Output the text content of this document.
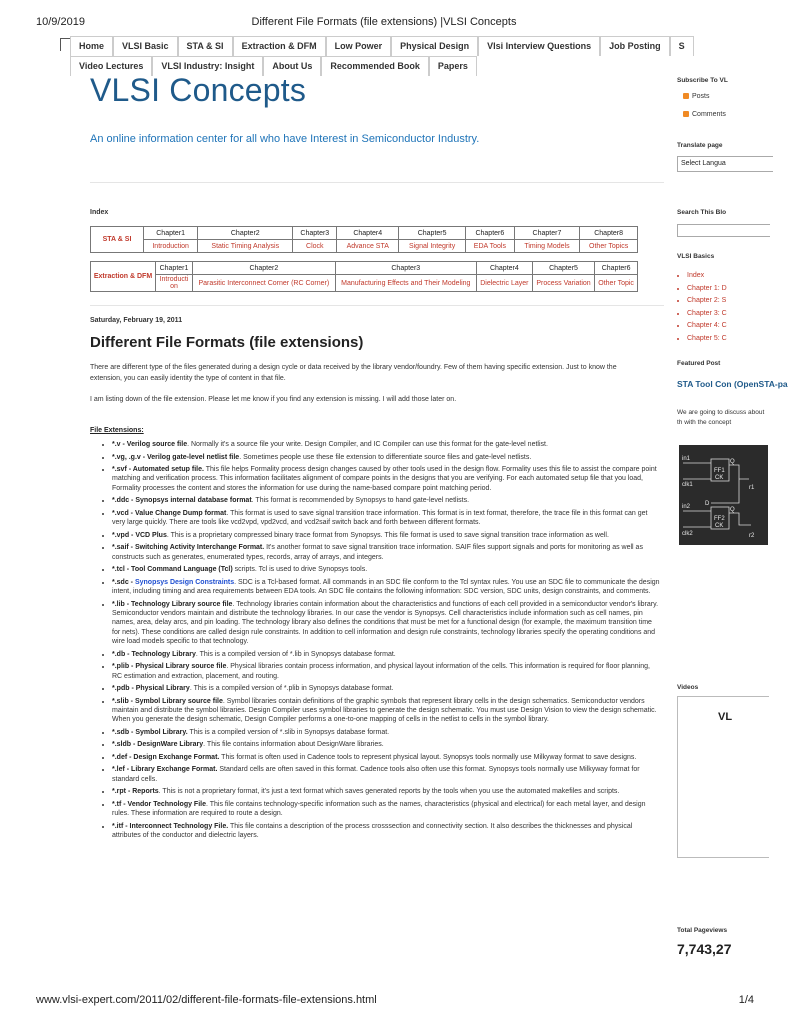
10/9/2019	Different File Formats (file extensions) |VLSI Concepts
Home	VLSI Basic	STA & SI	Extraction & DFM	Low Power	Physical Design	Vlsi Interview Questions	Job Posting	S
Video Lectures	VLSI Industry: Insight	About Us	Recommended Book	Papers
VLSI Concepts
An online information center for all who have Interest in Semiconductor Industry.
Index
STA & SI	Chapter1	Chapter2	Chapter3	Chapter4	Chapter5	Chapter6	Chapter7	Chapter8
	Introduction	Static Timing Analysis	Clock	Advance STA	Signal Integrity	EDA Tools	Timing Models	Other Topics
Extraction & DFM	Chapter1	Chapter2	Chapter3	Chapter4	Chapter5	Chapter6
	Introduction	Parasitic Interconnect Corner (RC Corner)	Manufacturing Effects and Their Modeling	Dielectric Layer	Process Variation	Other Topic
Saturday, February 19, 2011
Different File Formats (file extensions)
There are different type of the files generated during a design cycle or data received by the library vendor/foundry. Few of them having specific extension. Just to know the extension, you can easily identity the type of content in that file.
I am listing down of the file extension. Please let me know if you find any extension is missing. I will add those later on.
File Extensions:
• *.v - Verilog source file. Normally it's a source file your write. Design Compiler, and IC Compiler can use this format for the gate-level netlist.
• *.vg, .g.v - Verilog gate-level netlist file. Sometimes people use these file extension to differentiate source files and gate-level netlists.
• *.svf - Automated setup file. This file helps Formality process design changes caused by other tools used in the design flow. Formality uses this file to assist the compare point matching and verification process. This information facilitates alignment of compare points in the designs that you are verifying. For each automated setup file that you load, Formality processes the content and stores the information for use during the name-based compare point matching period.
• *.ddc - Synopsys internal database format. This format is recommended by Synopsys to hand gate-level netlists.
• *.vcd - Value Change Dump format. This format is used to save signal transition trace information. This format is in text format, therefore, the trace file in this format can get very large quickly. There are tools like vcd2vpd, vpd2vcd, and vcd2saif switch back and forth between different formats.
• *.vpd - VCD Plus. This is a proprietary compressed binary trace format from Synopsys. This file format is used to save signal transition trace information as well.
• *.saif - Switching Activity Interchange Format. It's another format to save signal transition trace information. SAIF files support signals and ports for monitoring as well as constructs such as generates, enumerated types, records, array of arrays, and integers.
• *.tcl - Tool Command Language (Tcl) scripts. Tcl is used to drive Synopsys tools.
• *.sdc - Synopsys Design Constraints. SDC is a Tcl-based format. All commands in an SDC file conform to the Tcl syntax rules. You use an SDC file to communicate the design intent, including timing and area requirements between EDA tools. An SDC file contains the following information: SDC version, SDC units, design constraints, and comments.
• *.lib - Technology Library source file. Technology libraries contain information about the characteristics and functions of each cell provided in a semiconductor vendor's library. Semiconductor vendors maintain and distribute the technology libraries. In our case the vendor is Synopsys. Cell characteristics include information such as cell names, pin names, area, delay arcs, and pin loading. The technology library also defines the conditions that must be met for a functional design (for example, the maximum transition time for nets). These conditions are called design rule constraints. In addition to cell information and design rule constraints, technology libraries specify the operating conditions and wire load models specific to that technology.
• *.db - Technology Library. This is a compiled version of *.lib in Synopsys database format.
• *.plib - Physical Library source file. Physical libraries contain process information, and physical layout information of the cells. This information is required for floor planning, RC estimation and extraction, placement, and routing.
• *.pdb - Physical Library. This is a compiled version of *.plib in Synopsys database format.
• *.slib - Symbol Library source file. Symbol libraries contain definitions of the graphic symbols that represent library cells in the design schematics. Semiconductor vendors maintain and distribute the symbol libraries. Design Compiler uses symbol libraries to generate the design schematic. You must use Design Vision to view the design schematic. When you generate the design schematic, Design Compiler performs a one-to-one mapping of cells in the netlist to cells in the symbol library.
• *.sdb - Symbol Library. This is a compiled version of *.slib in Synopsys database format.
• *.sldb - DesignWare Library. This file contains information about DesignWare libraries.
• *.def - Design Exchange Format. This format is often used in Cadence tools to represent physical layout. Synopsys tools normally use Milkyway format to save designs.
• *.lef - Library Exchange Format. Standard cells are often saved in this format. Cadence tools also often use this format. Synopsys tools normally use Milkyway format for standard cells.
• *.rpt - Reports. This is not a proprietary format, it's just a text format which saves generated reports by the tools when you use the automated makefiles and scripts.
• *.tf - Vendor Technology File. This file contains technology-specific information such as the names, characteristics (physical and electrical) for each metal layer, and design rules. These information are required to route a design.
• *.itf - Interconnect Technology File. This file contains a description of the process crosssection and connectivity section. It also describes the thicknesses and physical attributes of the conductor and dielectric layers.
Subscribe To VL
Posts
Comments
Translate page
Select Langua
Search This Blo
VLSI Basics
• Index
• Chapter 1: D
• Chapter 2: S
• Chapter 3: C
• Chapter 4: C
• Chapter 5: C
Featured Post
STA Tool Con (OpenSTA-pa
We are going to discuss about th with the concept
in1
FF1
clk1
in2
FF2
clk2
r1
r2
Q
Q
D
CK
CK
Videos
VL
Total Pageviews
7,743,27
www.vlsi-expert.com/2011/02/different-file-formats-file-extensions.html	1/4
